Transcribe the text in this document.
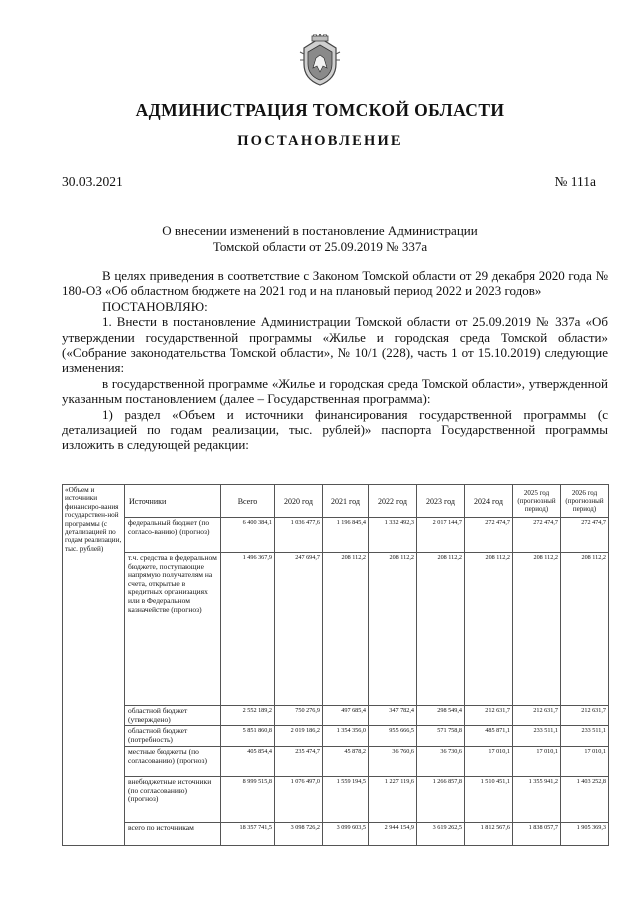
АДМИНИСТРАЦИЯ ТОМСКОЙ ОБЛАСТИ
ПОСТАНОВЛЕНИЕ
30.03.2021	№ 111а
О внесении изменений в постановление Администрации
Томской области от 25.09.2019 № 337а

В целях приведения в соответствие с Законом Томской области от 29 декабря 2020 года № 180-ОЗ «Об областном бюджете на 2021 год и на плановый период 2022 и 2023 годов»

ПОСТАНОВЛЯЮ:

1. Внести в постановление Администрации Томской области от 25.09.2019 № 337а «Об утверждении государственной программы «Жилье и городская среда Томской области» («Собрание законодательства Томской области», № 10/1 (228), часть 1 от 15.10.2019) следующие изменения:

в государственной программе «Жилье и городская среда Томской области», утвержденной указанным постановлением (далее – Государственная программа):

1) раздел «Объем и источники финансирования государственной программы (с детализацией по годам реализации, тыс. рублей)» паспорта Государственной программы изложить в следующей редакции:

«Объем и источники финансиро-вания государствен-ной программы (с детализацией по годам реализации, тыс. рублей)	Источники	Всего	2020 год	2021 год	2022 год	2023 год	2024 год	2025 год (прогнозный период)	2026 год (прогнозный период)
	федеральный бюджет (по согласо-ванию) (прогноз)	6 400 384,1	1 036 477,6	1 196 845,4	1 332 492,3	2 017 144,7	272 474,7	272 474,7	272 474,7
	т.ч. средства в федеральном бюджете, поступающие напрямую получателям на счета, открытые в кредитных организациях или в Федеральном казначействе (прогноз)	1 496 367,9	247 694,7	208 112,2	208 112,2	208 112,2	208 112,2	208 112,2	208 112,2
	областной бюджет (утверждено)	2 552 189,2	750 276,9	497 685,4	347 782,4	298 549,4	212 631,7	212 631,7	212 631,7
	областной бюджет (потребность)	5 851 860,8	2 019 186,2	1 354 356,0	955 666,5	571 758,8	485 871,1	233 511,1	233 511,1
	местные бюджеты (по согласованию) (прогноз)	405 854,4	235 474,7	45 878,2	36 760,6	36 730,6	17 010,1	17 010,1	17 010,1
	внебюджетные источники (по согласованию) (прогноз)	8 999 515,8	1 076 497,0	1 559 194,5	1 227 119,6	1 266 857,8	1 510 451,1	1 355 941,2	1 403 252,8
	всего по источникам	18 357 741,5	3 098 726,2	3 099 603,5	2 944 154,9	3 619 262,5	1 812 567,6	1 838 057,7	1 905 369,3
